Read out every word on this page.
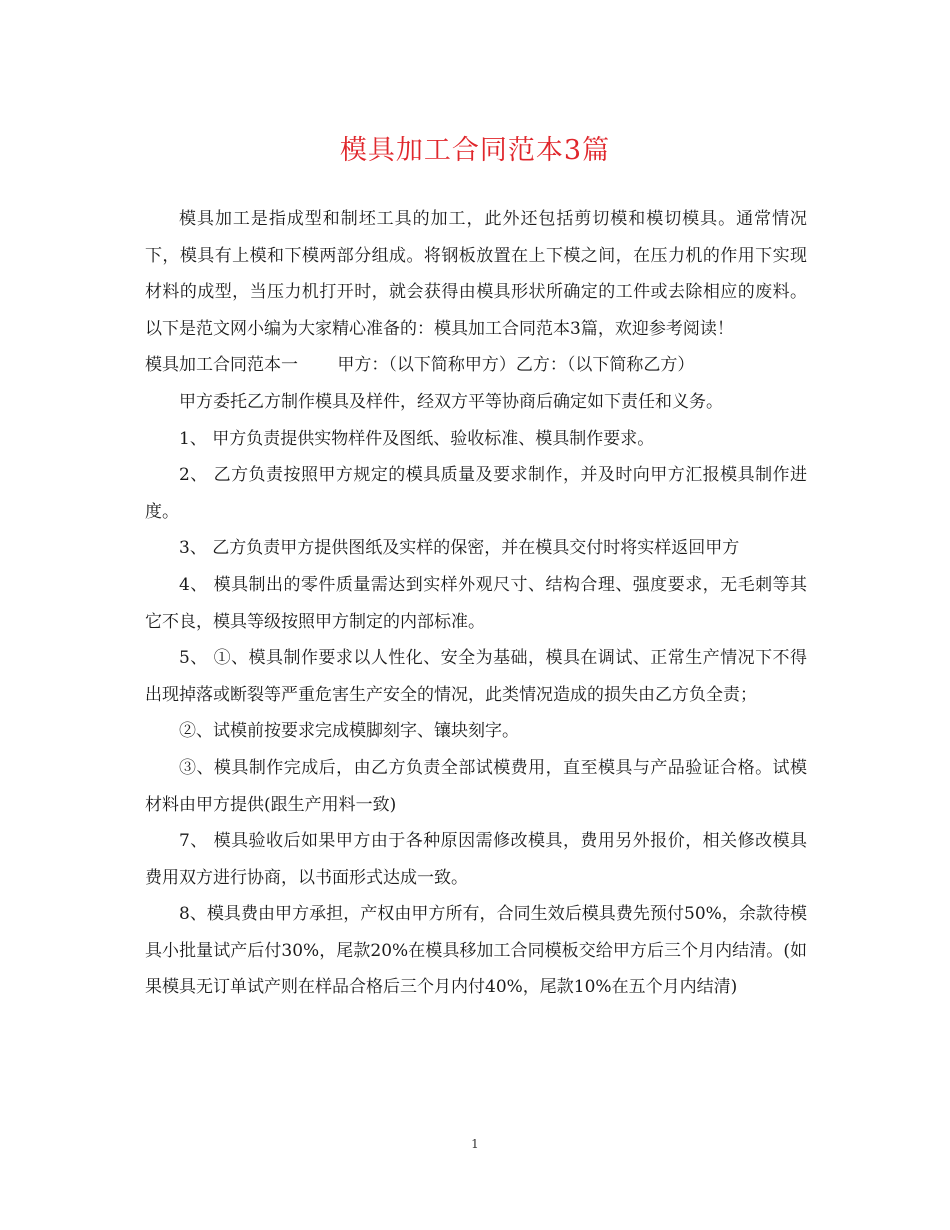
模具加工合同范本3篇

模具加工是指成型和制坯工具的加工，此外还包括剪切模和模切模具。通常情况下，模具有上模和下模两部分组成。将钢板放置在上下模之间，在压力机的作用下实现材料的成型，当压力机打开时，就会获得由模具形状所确定的工件或去除相应的废料。以下是范文网小编为大家精心准备的：模具加工合同范本3篇，欢迎参考阅读！

模具加工合同范本一　　 甲方：（以下简称甲方）乙方：（以下简称乙方）

甲方委托乙方制作模具及样件，经双方平等协商后确定如下责任和义务。

1、 甲方负责提供实物样件及图纸、验收标准、模具制作要求。

2、 乙方负责按照甲方规定的模具质量及要求制作，并及时向甲方汇报模具制作进度。

3、 乙方负责甲方提供图纸及实样的保密，并在模具交付时将实样返回甲方

4、 模具制出的零件质量需达到实样外观尺寸、结构合理、强度要求，无毛刺等其它不良，模具等级按照甲方制定的内部标准。

5、 ①、模具制作要求以人性化、安全为基础，模具在调试、正常生产情况下不得出现掉落或断裂等严重危害生产安全的情况，此类情况造成的损失由乙方负全责；

②、试模前按要求完成模脚刻字、镶块刻字。

③、模具制作完成后，由乙方负责全部试模费用，直至模具与产品验证合格。试模材料由甲方提供(跟生产用料一致)

7、 模具验收后如果甲方由于各种原因需修改模具，费用另外报价，相关修改模具费用双方进行协商，以书面形式达成一致。

8、模具费由甲方承担，产权由甲方所有，合同生效后模具费先预付50%，余款待模具小批量试产后付30%，尾款20%在模具移加工合同模板交给甲方后三个月内结清。(如果模具无订单试产则在样品合格后三个月内付40%，尾款10%在五个月内结清)

1
